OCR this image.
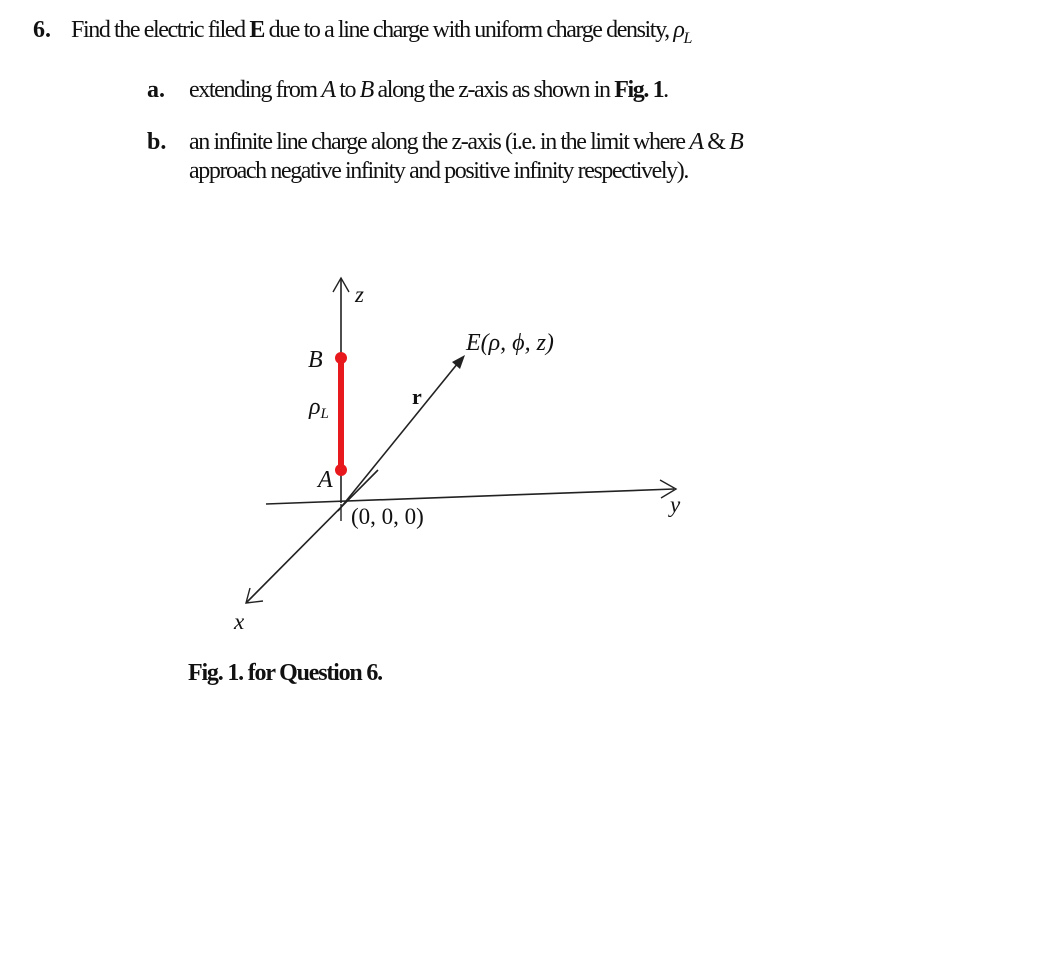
6. Find the electric filed E due to a line charge with uniform charge density, $\rho_L$
a. extending from A to B along the z-axis as shown in Fig. 1.
b. an infinite line charge along the z-axis (i.e. in the limit where A & B
approach negative infinity and positive infinity respectively).
z
y
x
r
B
A
ρL
E(ρ, ϕ, z)
(0, 0, 0)
Fig. 1. for Question 6.
